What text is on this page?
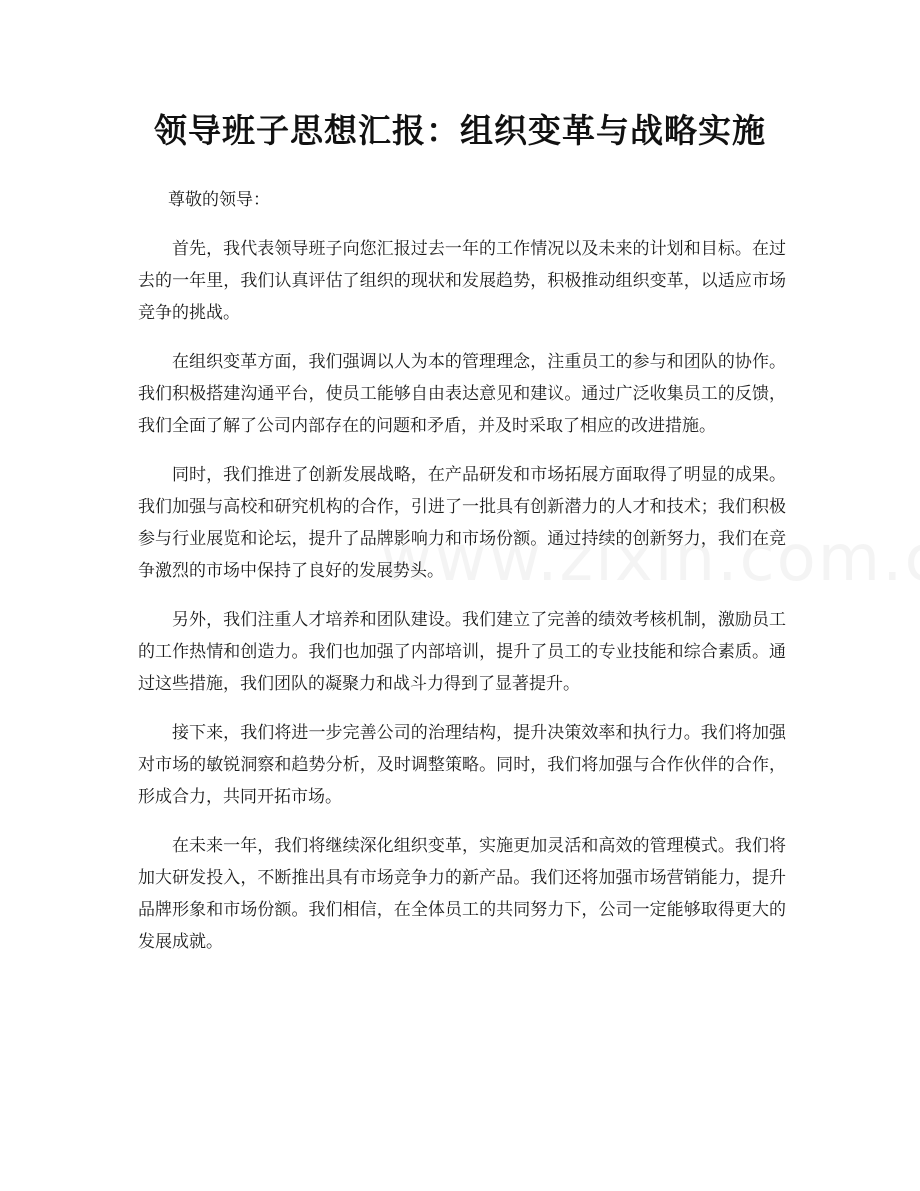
领导班子思想汇报：组织变革与战略实施

尊敬的领导：

首先，我代表领导班子向您汇报过去一年的工作情况以及未来的计划和目标。在过去的一年里，我们认真评估了组织的现状和发展趋势，积极推动组织变革，以适应市场竞争的挑战。

在组织变革方面，我们强调以人为本的管理理念，注重员工的参与和团队的协作。我们积极搭建沟通平台，使员工能够自由表达意见和建议。通过广泛收集员工的反馈，我们全面了解了公司内部存在的问题和矛盾，并及时采取了相应的改进措施。

同时，我们推进了创新发展战略，在产品研发和市场拓展方面取得了明显的成果。我们加强与高校和研究机构的合作，引进了一批具有创新潜力的人才和技术；我们积极参与行业展览和论坛，提升了品牌影响力和市场份额。通过持续的创新努力，我们在竞争激烈的市场中保持了良好的发展势头。

另外，我们注重人才培养和团队建设。我们建立了完善的绩效考核机制，激励员工的工作热情和创造力。我们也加强了内部培训，提升了员工的专业技能和综合素质。通过这些措施，我们团队的凝聚力和战斗力得到了显著提升。

接下来，我们将进一步完善公司的治理结构，提升决策效率和执行力。我们将加强对市场的敏锐洞察和趋势分析，及时调整策略。同时，我们将加强与合作伙伴的合作，形成合力，共同开拓市场。

在未来一年，我们将继续深化组织变革，实施更加灵活和高效的管理模式。我们将加大研发投入，不断推出具有市场竞争力的新产品。我们还将加强市场营销能力，提升品牌形象和市场份额。我们相信，在全体员工的共同努力下，公司一定能够取得更大的发展成就。
